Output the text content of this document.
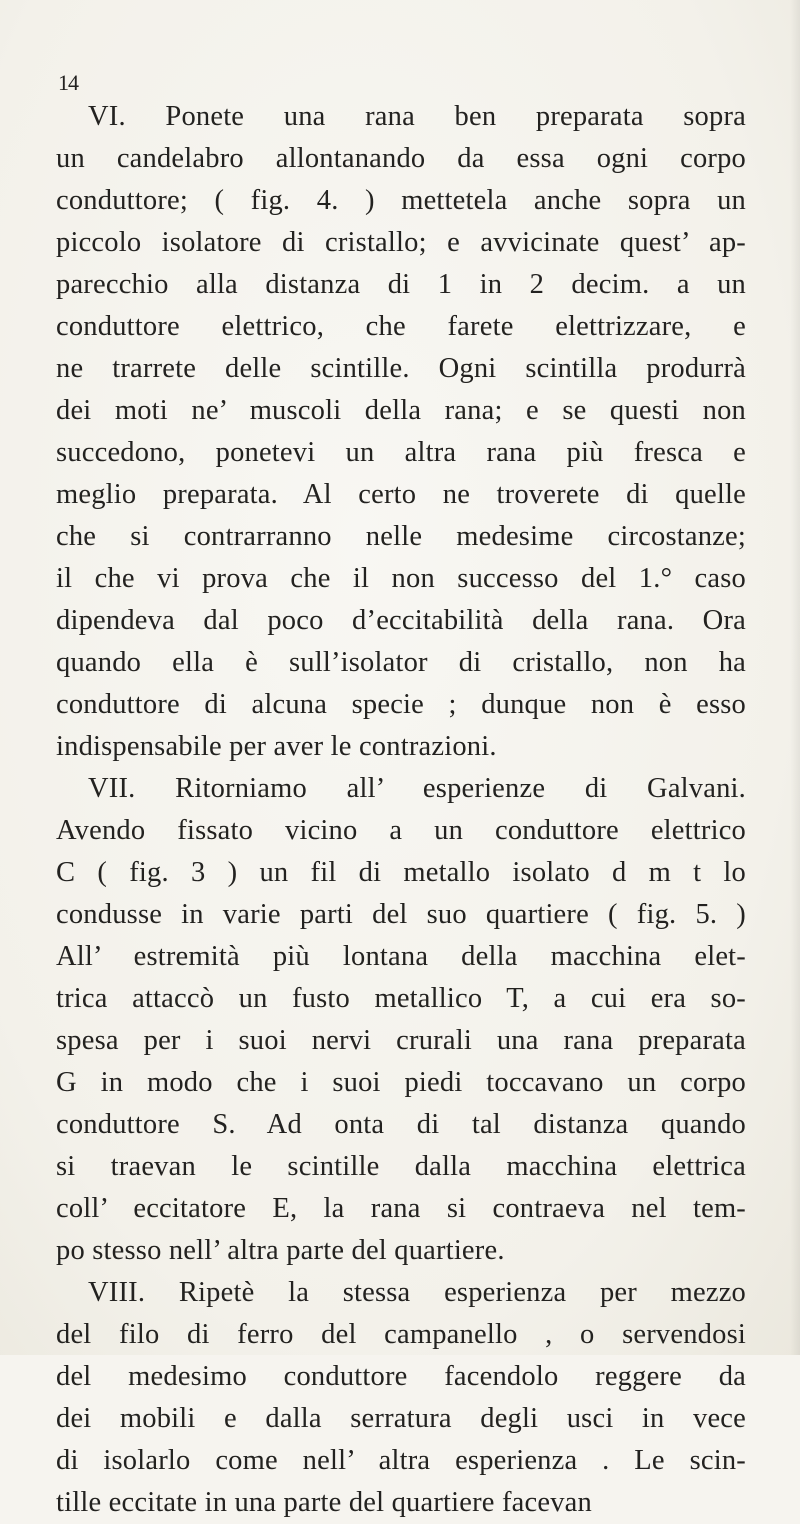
14
VI. Ponete una rana ben preparata sopra
un candelabro allontanando da essa ogni corpo
conduttore; ( fig. 4. ) mettetela anche sopra un
piccolo isolatore di cristallo; e avvicinate quest’ ap-
parecchio alla distanza di 1 in 2 decim. a un
conduttore elettrico, che farete elettrizzare, e
ne trarrete delle scintille. Ogni scintilla produrrà
dei moti ne’ muscoli della rana; e se questi non
succedono, ponetevi un altra rana più fresca e
meglio preparata. Al certo ne troverete di quelle
che si contrarranno nelle medesime circostanze;
il che vi prova che il non successo del 1.° caso
dipendeva dal poco d’eccitabilità della rana. Ora
quando ella è sull’isolator di cristallo, non ha
conduttore di alcuna specie ; dunque non è esso
indispensabile per aver le contrazioni.
VII. Ritorniamo all’ esperienze di Galvani.
Avendo fissato vicino a un conduttore elettrico
C ( fig. 3 ) un fil di metallo isolato d m t lo
condusse in varie parti del suo quartiere ( fig. 5. )
All’ estremità più lontana della macchina elet-
trica attaccò un fusto metallico T, a cui era so-
spesa per i suoi nervi crurali una rana preparata
G in modo che i suoi piedi toccavano un corpo
conduttore S. Ad onta di tal distanza quando
si traevan le scintille dalla macchina elettrica
coll’ eccitatore E, la rana si contraeva nel tem-
po stesso nell’ altra parte del quartiere.
VIII. Ripetè la stessa esperienza per mezzo
del filo di ferro del campanello , o servendosi
del medesimo conduttore facendolo reggere da
dei mobili e dalla serratura degli usci in vece
di isolarlo come nell’ altra esperienza . Le scin-
tille eccitate in una parte del quartiere facevan
